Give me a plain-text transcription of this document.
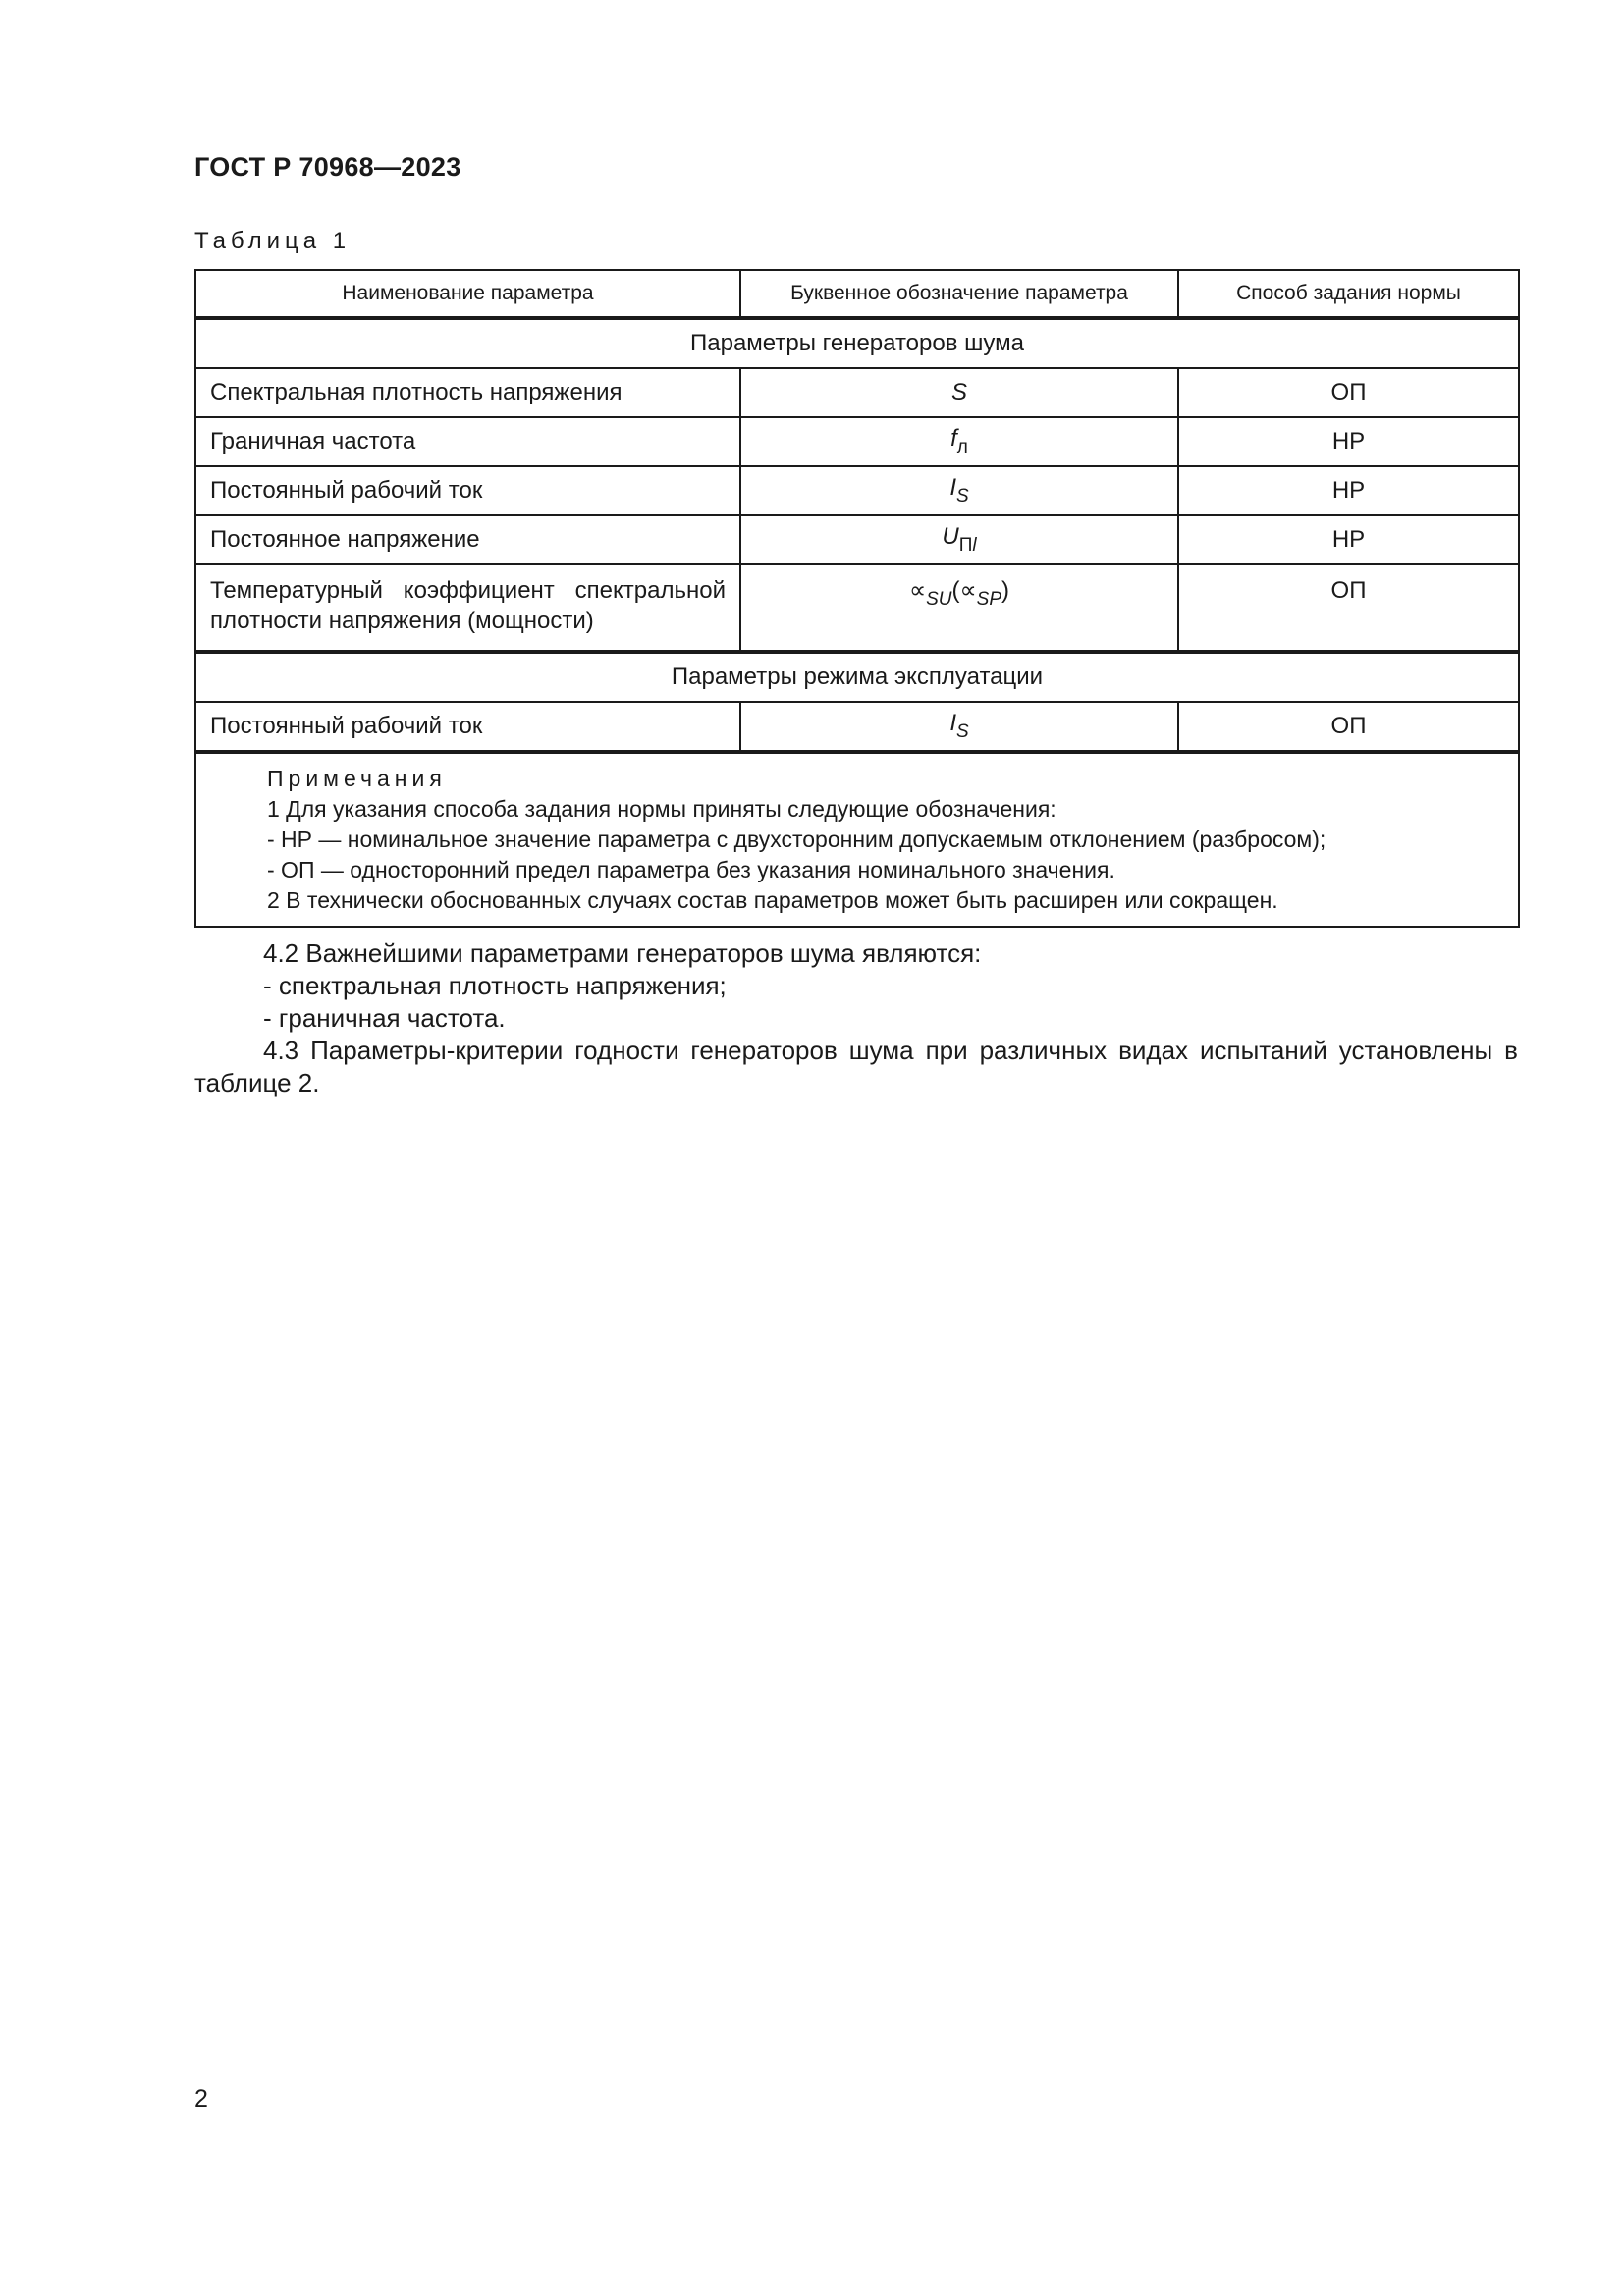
ГОСТ Р 70968—2023
Таблица 1
Наименование параметра	Буквенное обозначение параметра	Способ задания нормы
Параметры генераторов шума		
Спектральная плотность напряжения	S	ОП
Граничная частота	$f_л$	НР
Постоянный рабочий ток	$I_S$	НР
Постоянное напряжение	$U_{Пl}$	НР

Температурный коэффициент спектральной
плотности напряжения (мощности)	$\propto_{SU}(\propto_{SP})$	ОП
Параметры режима эксплуатации		
Постоянный рабочий ток	$I_S$	ОП

Примечания
1 Для указания способа задания нормы приняты следующие обозначения:
- НР — номинальное значение параметра с двухсторонним допускаемым отклонением (разбросом);
- ОП — односторонний предел параметра без указания номинального значения.
2 В технически обоснованных случаях состав параметров может быть расширен или сокращен.		
4.2 Важнейшими параметрами генераторов шума являются:
- спектральная плотность напряжения;
- граничная частота.
4.3 Параметры-критерии годности генераторов шума при различных видах испытаний установлены в таблице 2.
2
